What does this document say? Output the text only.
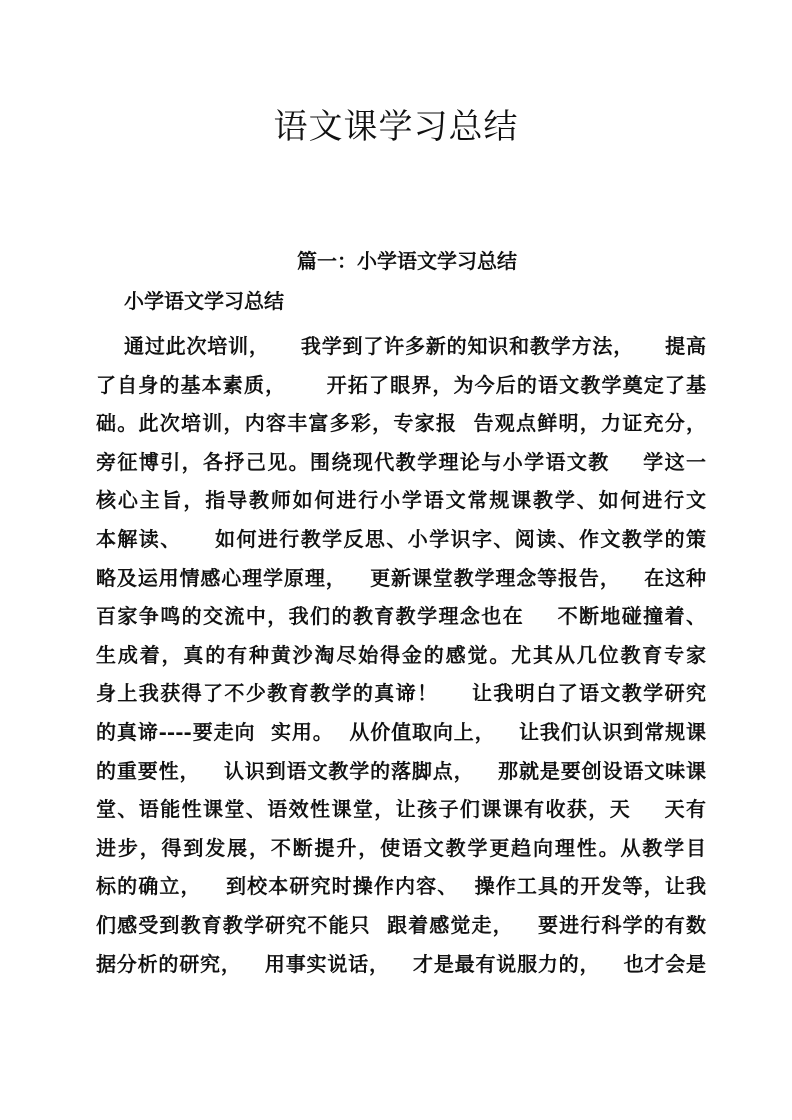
语文课学习总结
篇一：小学语文学习总结
小学语文学习总结
通过此次培训，    我学到了许多新的知识和教学方法，    提高
了自身的基本素质，     开拓了眼界，为今后的语文教学奠定了基
础。此次培训，内容丰富多彩，专家报  告观点鲜明，力证充分，
旁征博引，各抒己见。围绕现代教学理论与小学语文教    学这一
核心主旨，指导教师如何进行小学语文常规课教学、如何进行文
本解读、    如何进行教学反思、小学识字、阅读、作文教学的策
略及运用情感心理学原理，   更新课堂教学理念等报告，   在这种
百家争鸣的交流中，我们的教育教学理念也在    不断地碰撞着、
生成着，真的有种黄沙淘尽始得金的感觉。尤其从几位教育专家
身上我获得了不少教育教学的真谛！    让我明白了语文教学研究
的真谛----要走向  实用。  从价值取向上，   让我们认识到常规课
的重要性，   认识到语文教学的落脚点，   那就是要创设语文味课
堂、语能性课堂、语效性课堂，让孩子们课课有收获，天    天有
进步，得到发展，不断提升，使语文教学更趋向理性。从教学目
标的确立，   到校本研究时操作内容、  操作工具的开发等，让我
们感受到教育教学研究不能只  跟着感觉走，   要进行科学的有数
据分析的研究，   用事实说话，   才是最有说服力的，   也才会是
